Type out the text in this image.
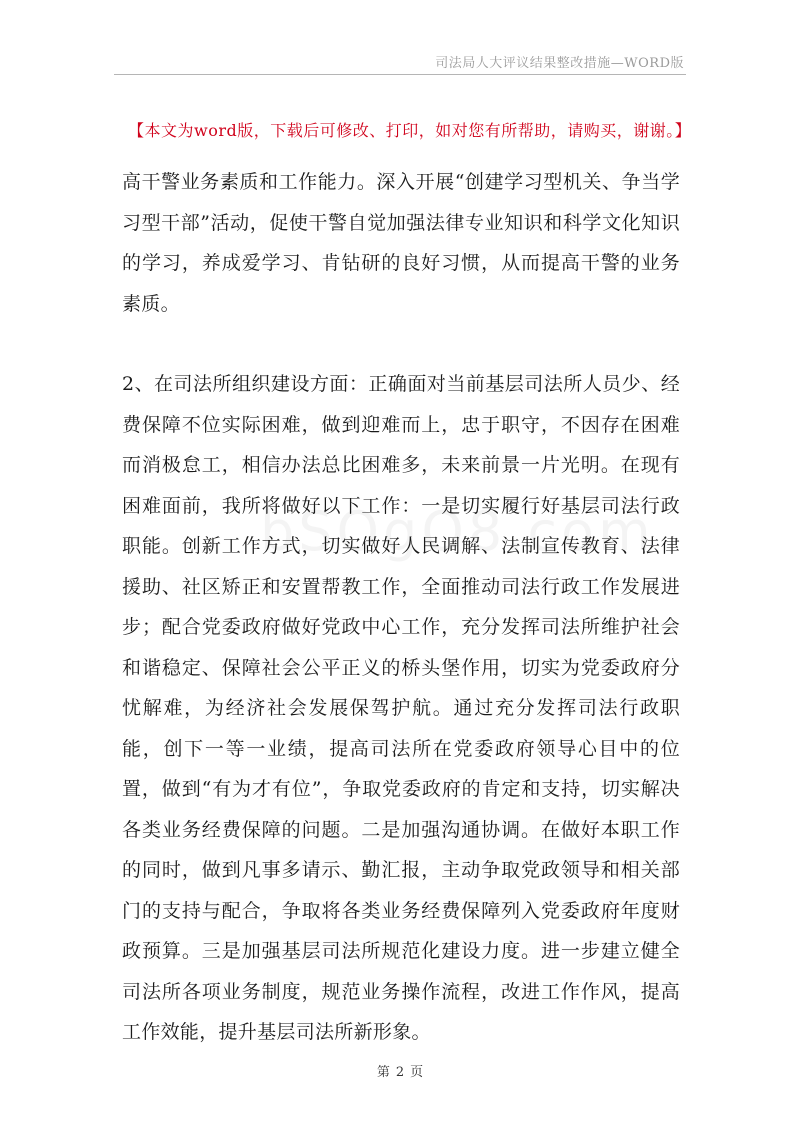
司法局人大评议结果整改措施—WORD版
【本文为word版，下载后可修改、打印，如对您有所帮助，请购买，谢谢。】

高干警业务素质和工作能力。深入开展“创建学习型机关、争当学习型干部”活动，促使干警自觉加强法律专业知识和科学文化知识的学习，养成爱学习、肯钻研的良好习惯，从而提高干警的业务素质。

2、在司法所组织建设方面：正确面对当前基层司法所人员少、经费保障不位实际困难，做到迎难而上，忠于职守，不因存在困难而消极怠工，相信办法总比困难多，未来前景一片光明。在现有困难面前，我所将做好以下工作：一是切实履行好基层司法行政职能。创新工作方式，切实做好人民调解、法制宣传教育、法律援助、社区矫正和安置帮教工作，全面推动司法行政工作发展进步；配合党委政府做好党政中心工作，充分发挥司法所维护社会和谐稳定、保障社会公平正义的桥头堡作用，切实为党委政府分忧解难，为经济社会发展保驾护航。通过充分发挥司法行政职能，创下一等一业绩，提高司法所在党委政府领导心目中的位置，做到“有为才有位”，争取党委政府的肯定和支持，切实解决各类业务经费保障的问题。二是加强沟通协调。在做好本职工作的同时，做到凡事多请示、勤汇报，主动争取党政领导和相关部门的支持与配合，争取将各类业务经费保障列入党委政府年度财政预算。三是加强基层司法所规范化建设力度。进一步建立健全司法所各项业务制度，规范业务操作流程，改进工作作风，提高工作效能，提升基层司法所新形象。

第 2 页
